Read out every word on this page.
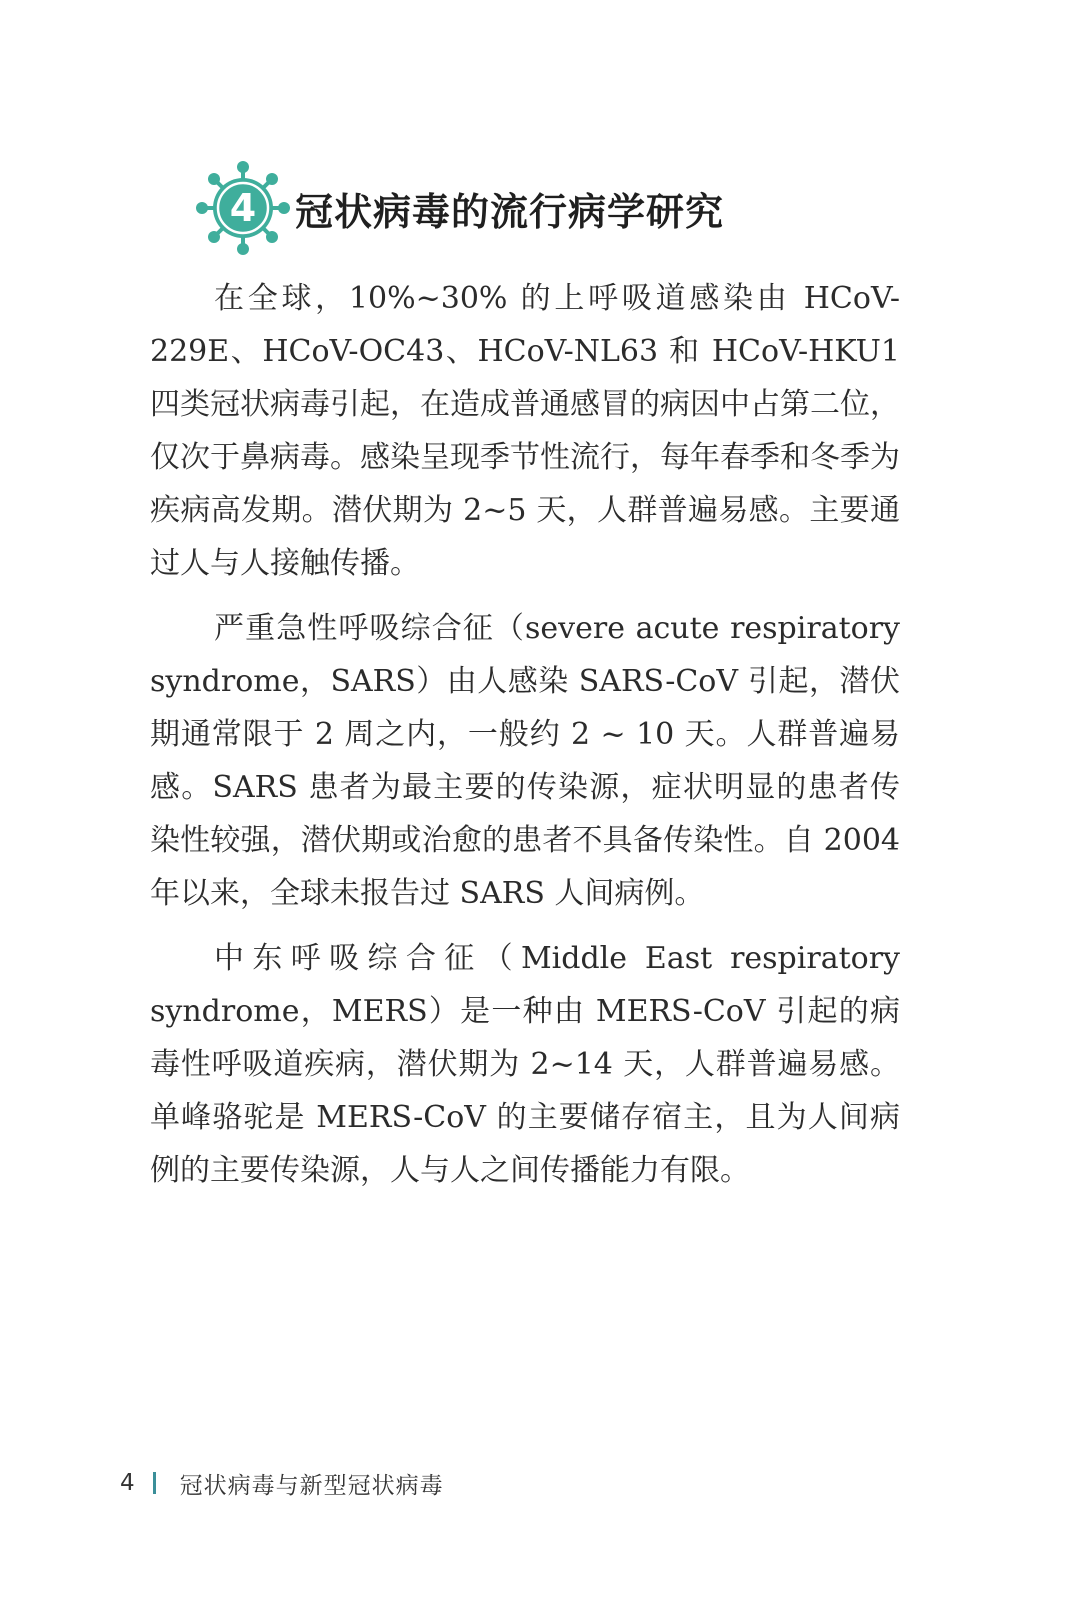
4	冠状病毒的流行病学研究

在全球，10%~30% 的上呼吸道感染由 HCoV-229E、HCoV-OC43、HCoV-NL63 和 HCoV-HKU1 四类冠状病毒引起，在造成普通感冒的病因中占第二位，仅次于鼻病毒。感染呈现季节性流行，每年春季和冬季为疾病高发期。潜伏期为 2~5 天，人群普遍易感。主要通过人与人接触传播。

严重急性呼吸综合征（severe acute respiratory syndrome，SARS）由人感染 SARS-CoV 引起，潜伏期通常限于 2 周之内，一般约 2 ~ 10 天。人群普遍易感。SARS 患者为最主要的传染源，症状明显的患者传染性较强，潜伏期或治愈的患者不具备传染性。自 2004 年以来，全球未报告过 SARS 人间病例。

中东呼吸综合征（Middle East respiratory syndrome，MERS）是一种由 MERS-CoV 引起的病毒性呼吸道疾病，潜伏期为 2~14 天，人群普遍易感。单峰骆驼是 MERS-CoV 的主要储存宿主，且为人间病例的主要传染源，人与人之间传播能力有限。

4 冠状病毒与新型冠状病毒
